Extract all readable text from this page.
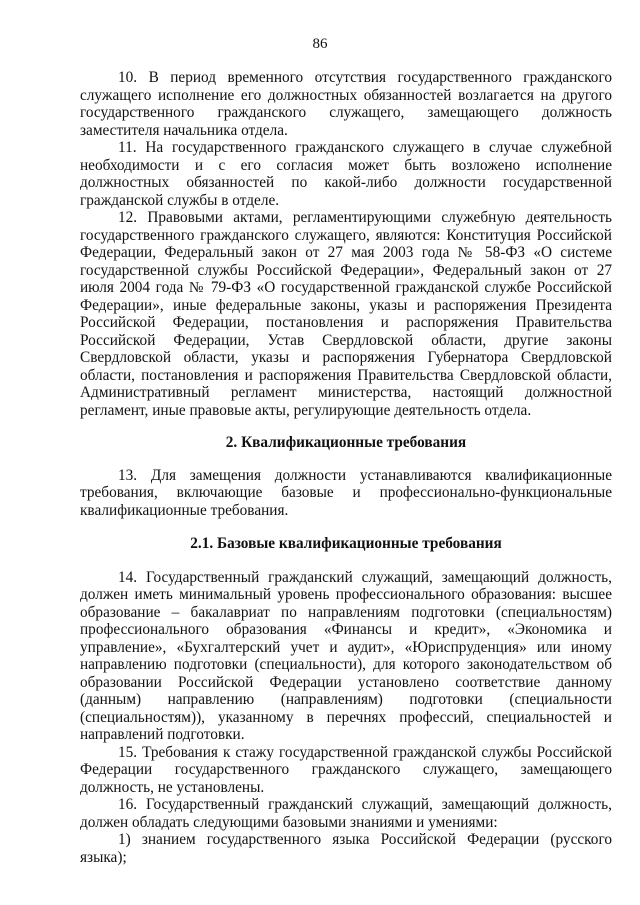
86

10. В период временного отсутствия государственного гражданского служащего исполнение его должностных обязанностей возлагается на другого государственного гражданского служащего, замещающего должность заместителя начальника отдела.

11. На государственного гражданского служащего в случае служебной необходимости и с его согласия может быть возложено исполнение должностных обязанностей по какой-либо должности государственной гражданской службы в отделе.

12. Правовыми актами, регламентирующими служебную деятельность государственного гражданского служащего, являются: Конституция Российской Федерации, Федеральный закон от 27 мая 2003 года № 58-ФЗ «О системе государственной службы Российской Федерации», Федеральный закон от 27 июля 2004 года № 79-ФЗ «О государственной гражданской службе Российской Федерации», иные федеральные законы, указы и распоряжения Президента Российской Федерации, постановления и распоряжения Правительства Российской Федерации, Устав Свердловской области, другие законы Свердловской области, указы и распоряжения Губернатора Свердловской области, постановления и распоряжения Правительства Свердловской области, Административный регламент министерства, настоящий должностной регламент, иные правовые акты, регулирующие деятельность отдела.

2. Квалификационные требования

13. Для замещения должности устанавливаются квалификационные требования, включающие базовые и профессионально-функциональные квалификационные требования.

2.1. Базовые квалификационные требования

14. Государственный гражданский служащий, замещающий должность, должен иметь минимальный уровень профессионального образования: высшее образование – бакалавриат по направлениям подготовки (специальностям) профессионального образования «Финансы и кредит», «Экономика и управление», «Бухгалтерский учет и аудит», «Юриспруденция» или иному направлению подготовки (специальности), для которого законодательством об образовании Российской Федерации установлено соответствие данному (данным) направлению (направлениям) подготовки (специальности (специальностям)), указанному в перечнях профессий, специальностей и направлений подготовки.

15. Требования к стажу государственной гражданской службы Российской Федерации государственного гражданского служащего, замещающего должность, не установлены.

16. Государственный гражданский служащий, замещающий должность, должен обладать следующими базовыми знаниями и умениями:

1) знанием государственного языка Российской Федерации (русского языка);
